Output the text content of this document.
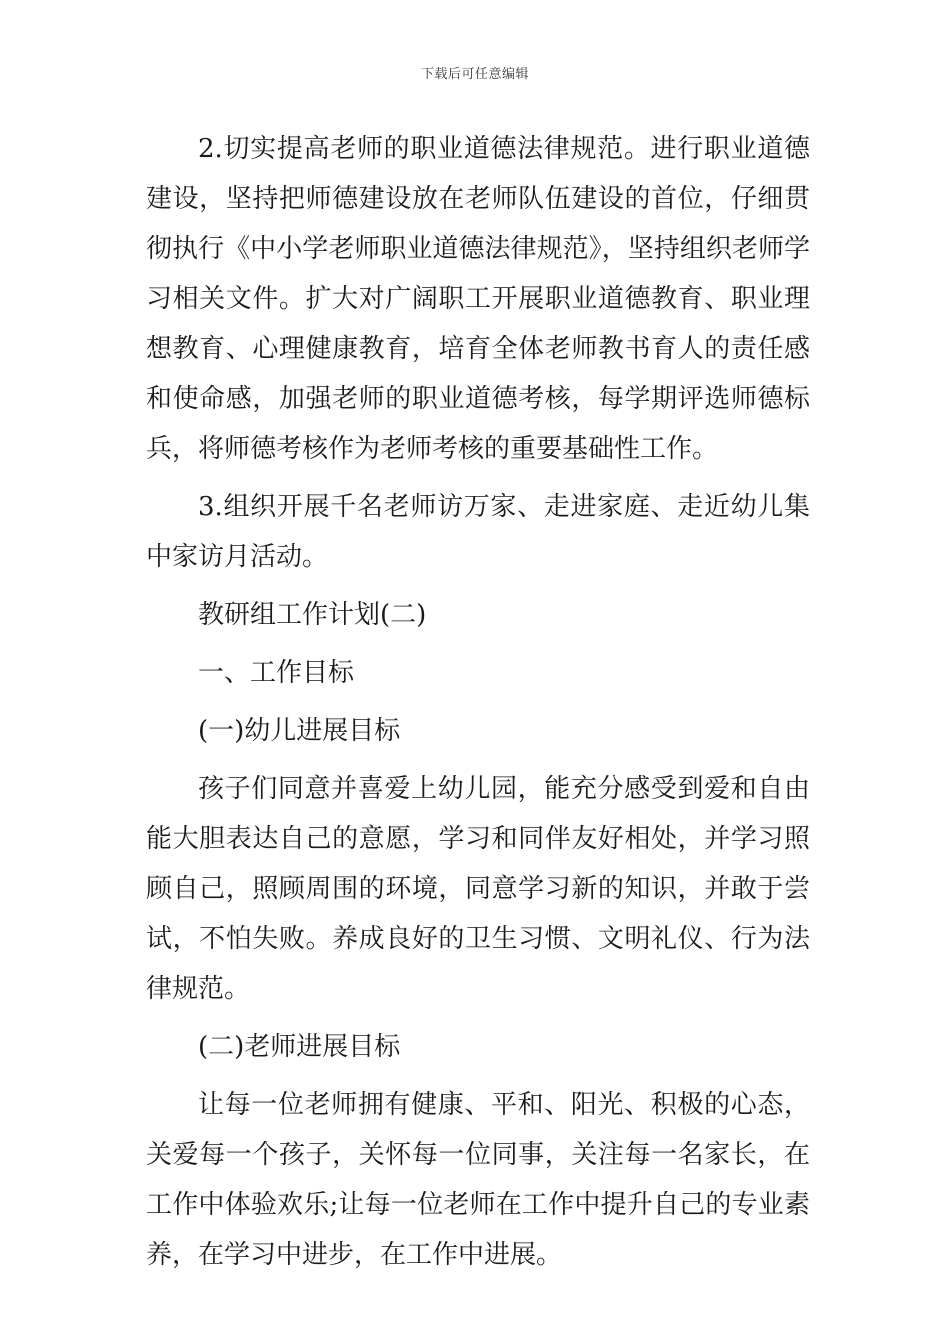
下载后可任意编辑

2.切实提高老师的职业道德法律规范。进行职业道德建设，坚持把师德建设放在老师队伍建设的首位，仔细贯彻执行《中小学老师职业道德法律规范》，坚持组织老师学习相关文件。扩大对广阔职工开展职业道德教育、职业理想教育、心理健康教育，培育全体老师教书育人的责任感和使命感，加强老师的职业道德考核，每学期评选师德标兵，将师德考核作为老师考核的重要基础性工作。

3.组织开展千名老师访万家、走进家庭、走近幼儿集中家访月活动。

教研组工作计划(二)

一、工作目标

(一)幼儿进展目标

孩子们同意并喜爱上幼儿园，能充分感受到爱和自由能大胆表达自己的意愿，学习和同伴友好相处，并学习照顾自己，照顾周围的环境，同意学习新的知识，并敢于尝试，不怕失败。养成良好的卫生习惯、文明礼仪、行为法律规范。

(二)老师进展目标

让每一位老师拥有健康、平和、阳光、积极的心态，关爱每一个孩子，关怀每一位同事，关注每一名家长，在工作中体验欢乐;让每一位老师在工作中提升自己的专业素养，在学习中进步，在工作中进展。
